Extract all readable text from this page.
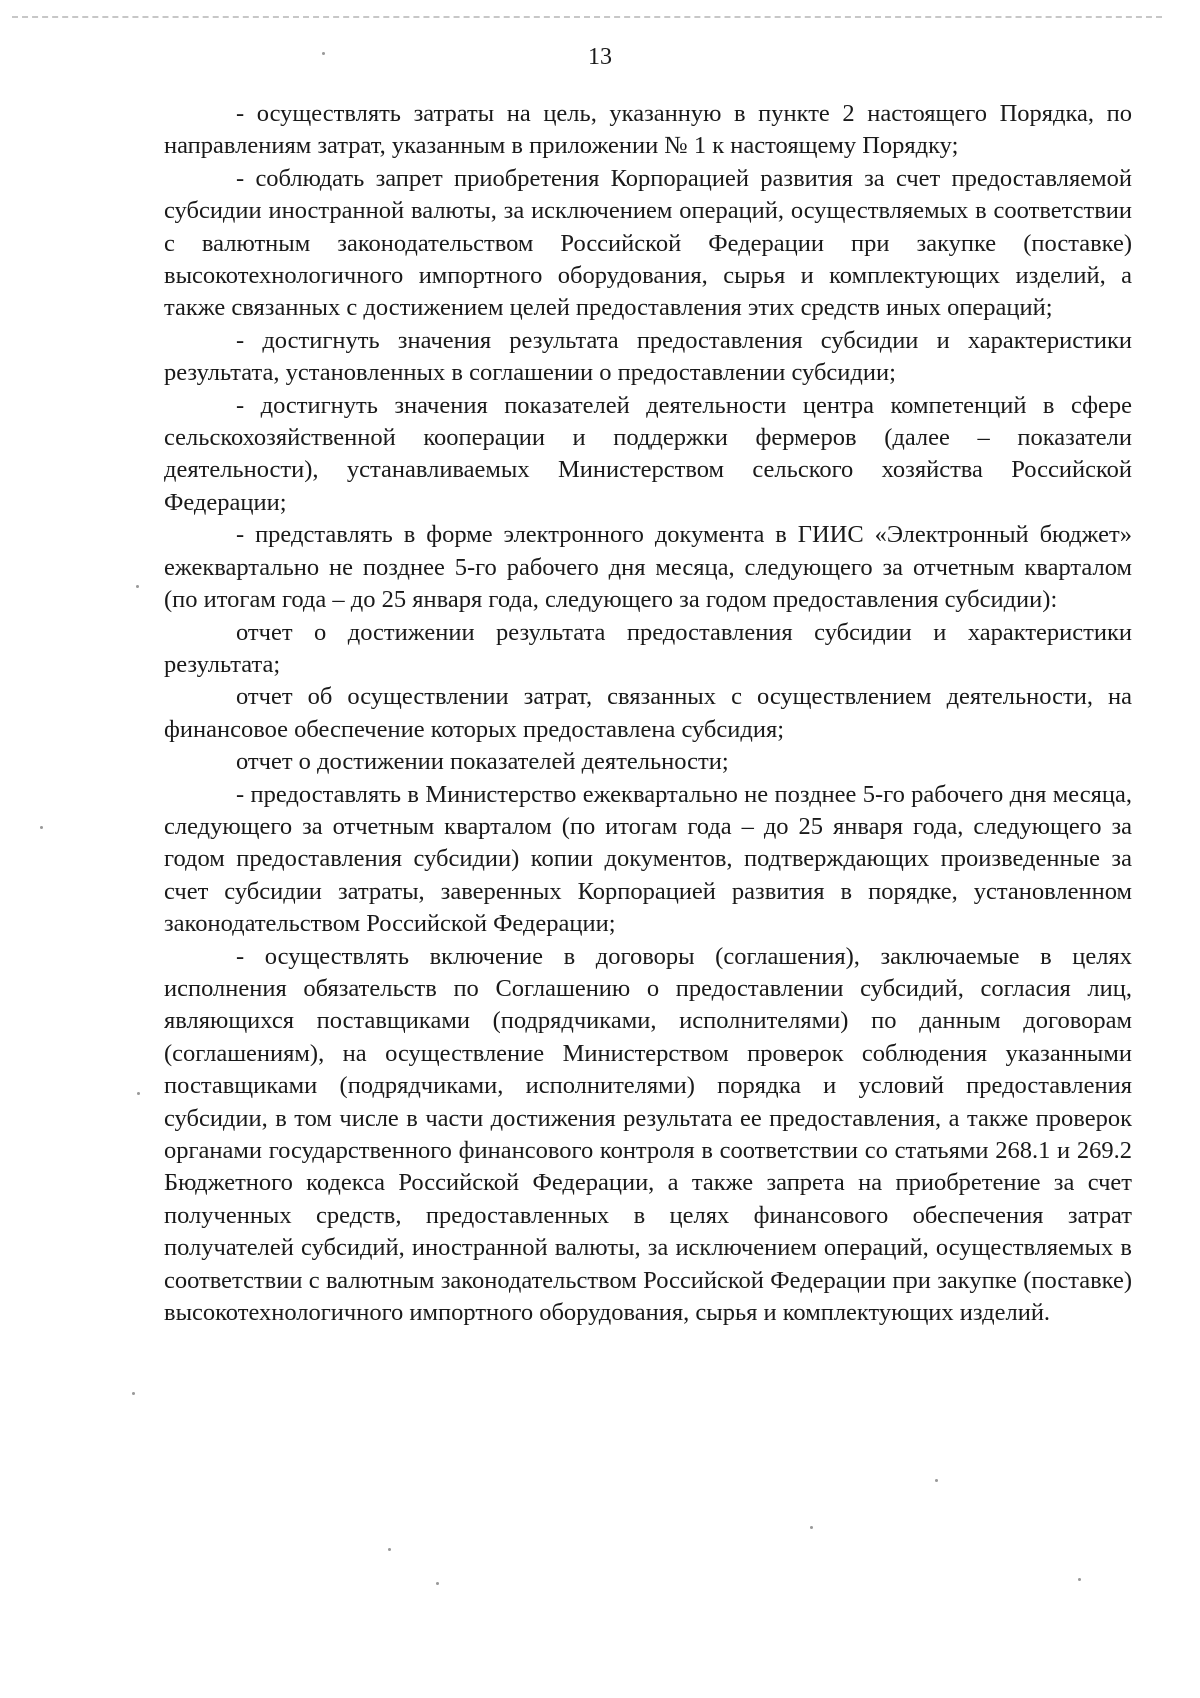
13

- осуществлять затраты на цель, указанную в пункте 2 настоящего Порядка, по направлениям затрат, указанным в приложении № 1 к настоящему Порядку;

- соблюдать запрет приобретения Корпорацией развития за счет предоставляемой субсидии иностранной валюты, за исключением операций, осуществляемых в соответствии с валютным законодательством Российской Федерации при закупке (поставке) высокотехнологичного импортного оборудования, сырья и комплектующих изделий, а также связанных с достижением целей предоставления этих средств иных операций;

- достигнуть значения результата предоставления субсидии и характеристики результата, установленных в соглашении о предоставлении субсидии;

- достигнуть значения показателей деятельности центра компетенций в сфере сельскохозяйственной кооперации и поддержки фермеров (далее – показатели деятельности), устанавливаемых Министерством сельского хозяйства Российской Федерации;

- представлять в форме электронного документа в ГИИС «Электронный бюджет» ежеквартально не позднее 5-го рабочего дня месяца, следующего за отчетным кварталом (по итогам года – до 25 января года, следующего за годом предоставления субсидии):

отчет о достижении результата предоставления субсидии и характеристики результата;

отчет об осуществлении затрат, связанных с осуществлением деятельности, на финансовое обеспечение которых предоставлена субсидия;

отчет о достижении показателей деятельности;

- предоставлять в Министерство ежеквартально не позднее 5-го рабочего дня месяца, следующего за отчетным кварталом (по итогам года – до 25 января года, следующего за годом предоставления субсидии) копии документов, подтверждающих произведенные за счет субсидии затраты, заверенных Корпорацией развития в порядке, установленном законодательством Российской Федерации;

- осуществлять включение в договоры (соглашения), заключаемые в целях исполнения обязательств по Соглашению о предоставлении субсидий, согласия лиц, являющихся поставщиками (подрядчиками, исполнителями) по данным договорам (соглашениям), на осуществление Министерством проверок соблюдения указанными поставщиками (подрядчиками, исполнителями) порядка и условий предоставления субсидии, в том числе в части достижения результата ее предоставления, а также проверок органами государственного финансового контроля в соответствии со статьями 268.1 и 269.2 Бюджетного кодекса Российской Федерации, а также запрета на приобретение за счет полученных средств, предоставленных в целях финансового обеспечения затрат получателей субсидий, иностранной валюты, за исключением операций, осуществляемых в соответствии с валютным законодательством Российской Федерации при закупке (поставке) высокотехнологичного импортного оборудования, сырья и комплектующих изделий.
